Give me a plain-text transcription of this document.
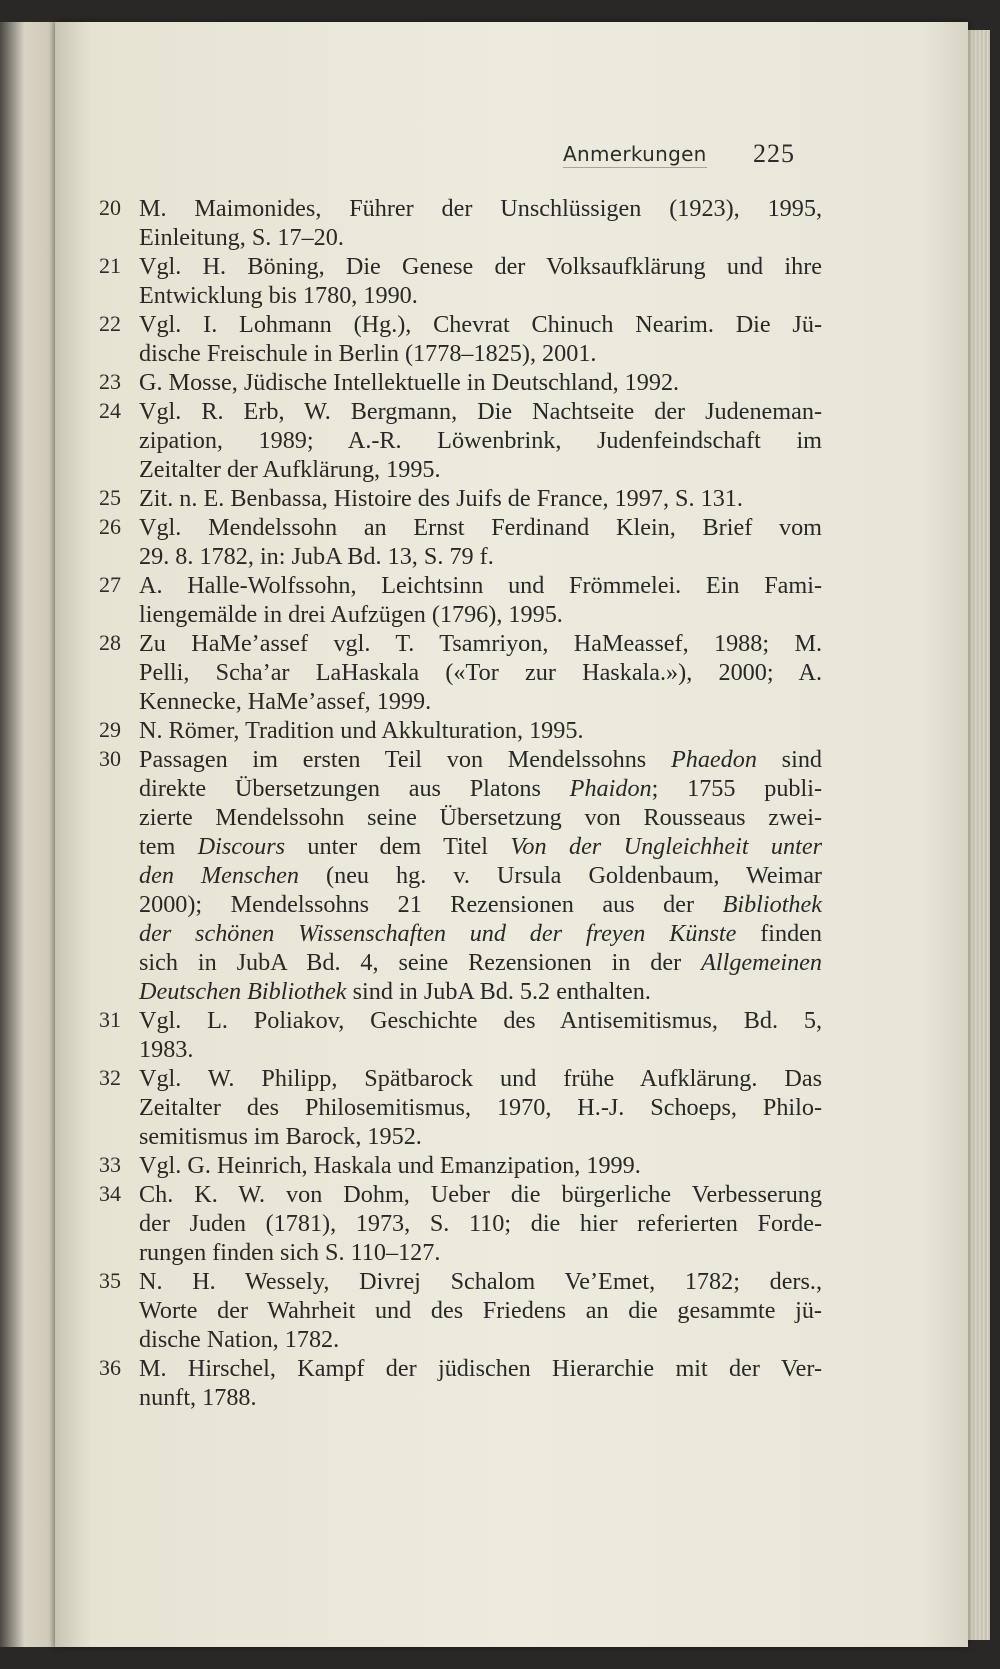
Anmerkungen 225
20 M. Maimonides, Führer der Unschlüssigen (1923), 1995,
Einleitung, S. 17–20.
21 Vgl. H. Böning, Die Genese der Volksaufklärung und ihre
Entwicklung bis 1780, 1990.
22 Vgl. I. Lohmann (Hg.), Chevrat Chinuch Nearim. Die Jü-
dische Freischule in Berlin (1778–1825), 2001.
23 G. Mosse, Jüdische Intellektuelle in Deutschland, 1992.
24 Vgl. R. Erb, W. Bergmann, Die Nachtseite der Judeneman-
zipation, 1989; A.-R. Löwenbrink, Judenfeindschaft im
Zeitalter der Aufklärung, 1995.
25 Zit. n. E. Benbassa, Histoire des Juifs de France, 1997, S. 131.
26 Vgl. Mendelssohn an Ernst Ferdinand Klein, Brief vom
29. 8. 1782, in: JubA Bd. 13, S. 79 f.
27 A. Halle-Wolfssohn, Leichtsinn und Frömmelei. Ein Fami-
liengemälde in drei Aufzügen (1796), 1995.
28 Zu HaMe’assef vgl. T. Tsamriyon, HaMeassef, 1988; M.
Pelli, Scha’ar LaHaskala («Tor zur Haskala.»), 2000; A.
Kennecke, HaMe’assef, 1999.
29 N. Römer, Tradition und Akkulturation, 1995.
30 Passagen im ersten Teil von Mendelssohns Phaedon sind
direkte Übersetzungen aus Platons Phaidon; 1755 publi-
zierte Mendelssohn seine Übersetzung von Rousseaus zwei-
tem Discours unter dem Titel Von der Ungleichheit unter
den Menschen (neu hg. v. Ursula Goldenbaum, Weimar
2000); Mendelssohns 21 Rezensionen aus der Bibliothek
der schönen Wissenschaften und der freyen Künste finden
sich in JubA Bd. 4, seine Rezensionen in der Allgemeinen
Deutschen Bibliothek sind in JubA Bd. 5.2 enthalten.
31 Vgl. L. Poliakov, Geschichte des Antisemitismus, Bd. 5,
1983.
32 Vgl. W. Philipp, Spätbarock und frühe Aufklärung. Das
Zeitalter des Philosemitismus, 1970, H.-J. Schoeps, Philo-
semitismus im Barock, 1952.
33 Vgl. G. Heinrich, Haskala und Emanzipation, 1999.
34 Ch. K. W. von Dohm, Ueber die bürgerliche Verbesserung
der Juden (1781), 1973, S. 110; die hier referierten Forde-
rungen finden sich S. 110–127.
35 N. H. Wessely, Divrej Schalom Ve’Emet, 1782; ders.,
Worte der Wahrheit und des Friedens an die gesammte jü-
dische Nation, 1782.
36 M. Hirschel, Kampf der jüdischen Hierarchie mit der Ver-
nunft, 1788.
